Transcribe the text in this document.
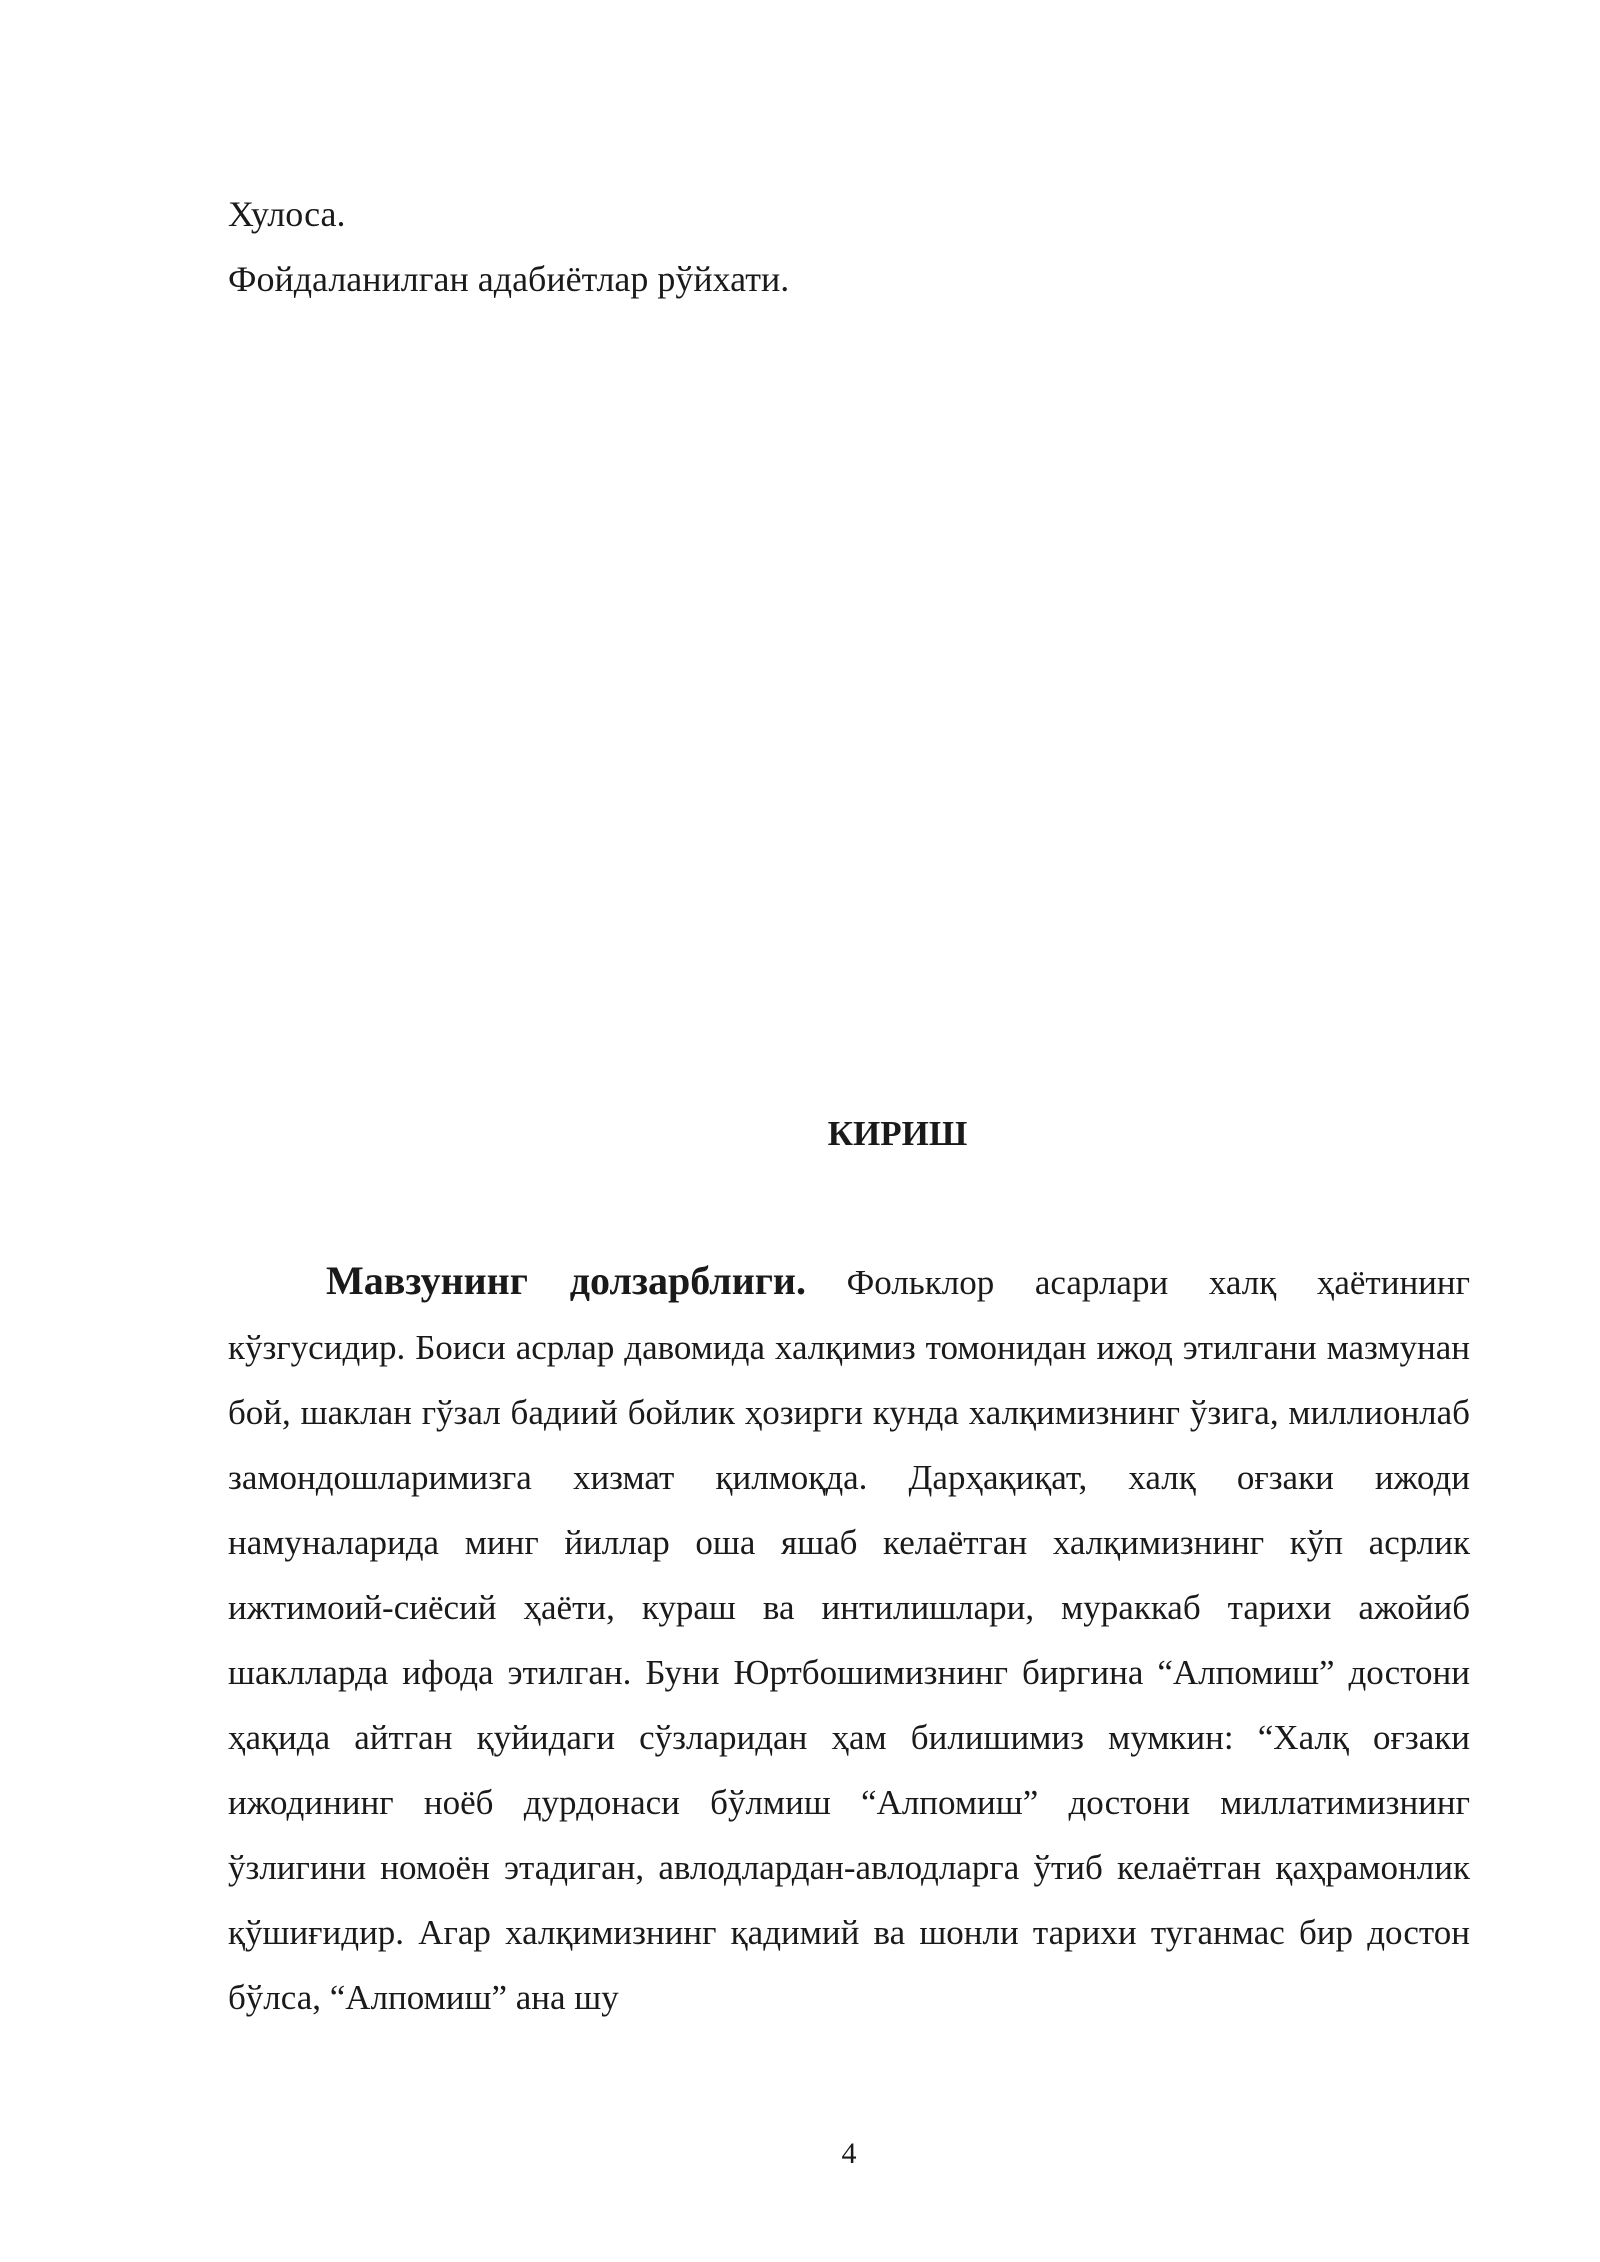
Хулоса.
Фойдаланилган адабиётлар рўйхати.
КИРИШ
Мавзунинг долзарблиги. Фольклор асарлари халқ ҳаётининг кўзгусидир. Боиси асрлар давомида халқимиз томонидан ижод этилгани мазмунан бой, шаклан гўзал бадиий бойлик ҳозирги кунда халқимизнинг ўзига, миллионлаб замондошларимизга хизмат қилмоқда. Дарҳақиқат, халқ оғзаки ижоди намуналарида минг йиллар оша яшаб келаётган халқимизнинг кўп асрлик ижтимоий-сиёсий ҳаёти, кураш ва интилишлари, мураккаб тарихи ажойиб шаклларда ифода этилган. Буни Юртбошимизнинг биргина “Алпомиш” достони ҳақида айтган қуйидаги сўзларидан ҳам билишимиз мумкин: “Халқ оғзаки ижодининг ноёб дурдонаси бўлмиш “Алпомиш” достони миллатимизнинг ўзлигини номоён этадиган, авлодлардан-авлодларга ўтиб келаётган қаҳрамонлик қўшиғидир. Агар халқимизнинг қадимий ва шонли тарихи туганмас бир достон бўлса, “Алпомиш” ана шу
4
